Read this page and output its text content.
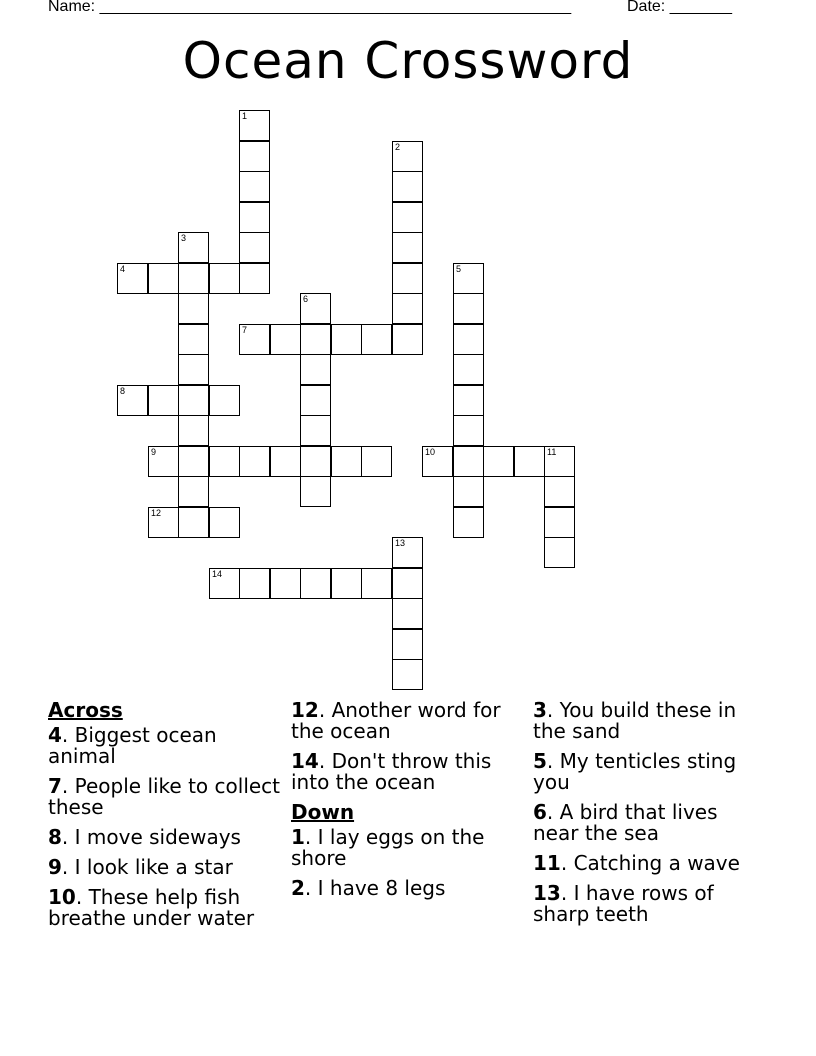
Name: _____________________________________________________	Date: _______
Ocean Crossword
1
2
3
4	5
6
7
8
9	10	11
12
13
14
Across
4. Biggest ocean animal
7. People like to collect these
8. I move sideways
9. I look like a star
10. These help fish breathe under water
12. Another word for the ocean
14. Don't throw this into the ocean
Down
1. I lay eggs on the shore
2. I have 8 legs
3. You build these in the sand
5. My tenticles sting you
6. A bird that lives near the sea
11. Catching a wave
13. I have rows of sharp teeth
